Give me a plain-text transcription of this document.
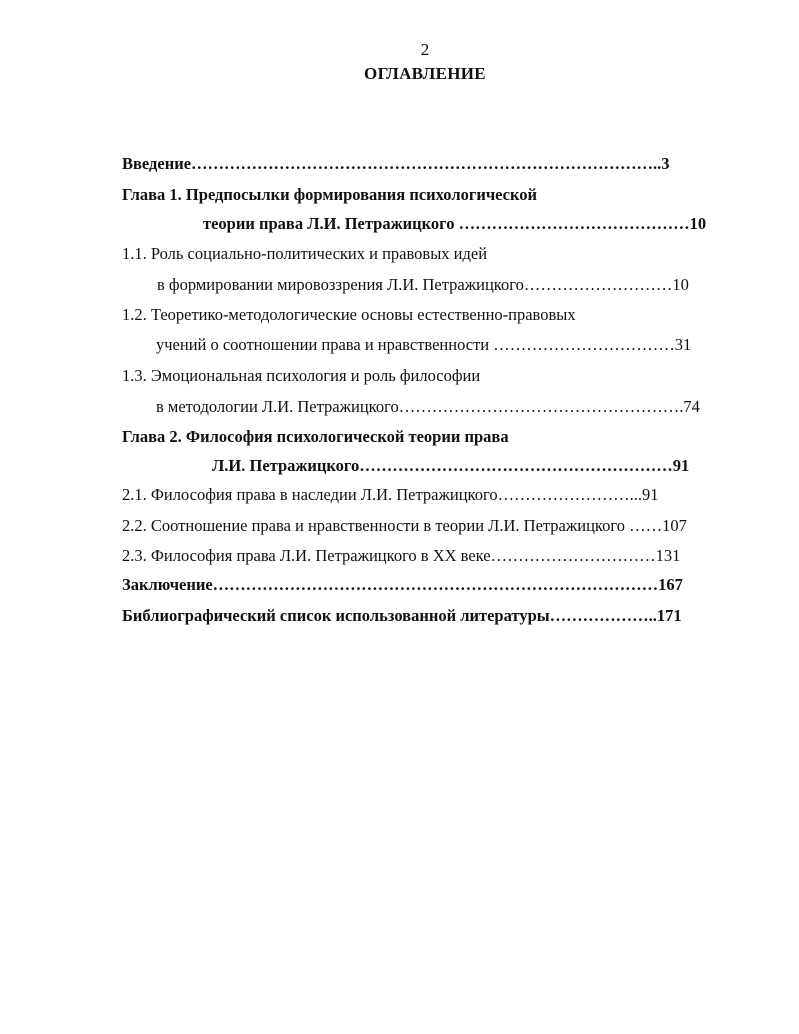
2
ОГЛАВЛЕНИЕ
Введение…………………………………………………………………………..3
Глава 1. Предпосылки формирования психологической
теории права Л.И. Петражицкого ……………………………………10
1.1. Роль социально-политических и правовых идей
в формировании мировоззрения Л.И. Петражицкого………………………10
1.2. Теоретико-методологические основы естественно-правовых
учений о соотношении права и нравственности ……………………………31
1.3. Эмоциональная психология и роль философии
в методологии Л.И. Петражицкого…………………………………………….74
Глава 2. Философия психологической теории права
Л.И. Петражицкого…………………………………………………91
2.1. Философия права в наследии Л.И. Петражицкого……………………...91
2.2. Соотношение права и нравственности в теории Л.И. Петражицкого ……107
2.3. Философия права Л.И. Петражицкого в XX веке…………………………131
Заключение………………………………………………………………………167
Библиографический список использованной литературы………………..171
